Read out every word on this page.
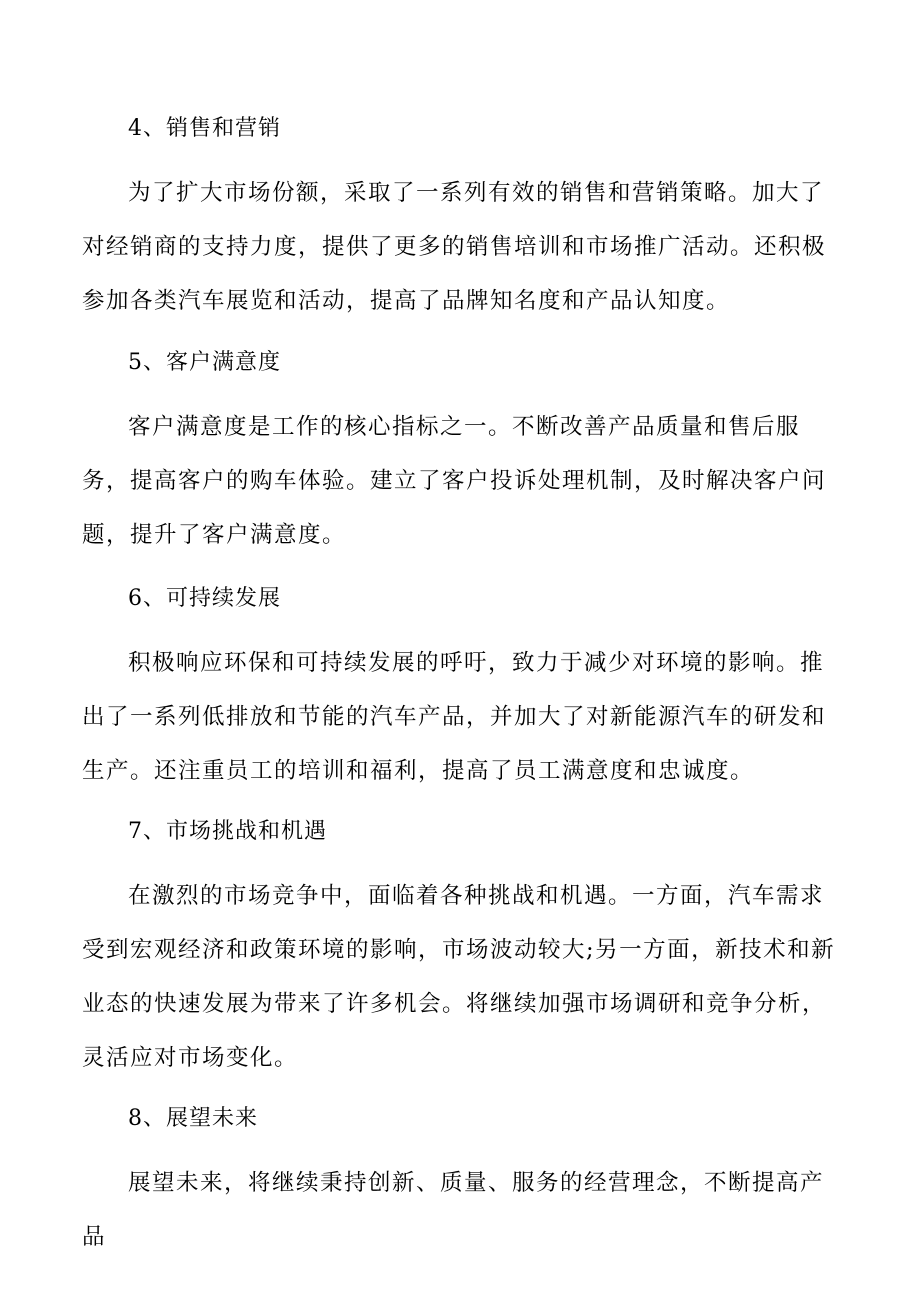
4、销售和营销

为了扩大市场份额，采取了一系列有效的销售和营销策略。加大了对经销商的支持力度，提供了更多的销售培训和市场推广活动。还积极参加各类汽车展览和活动，提高了品牌知名度和产品认知度。

5、客户满意度

客户满意度是工作的核心指标之一。不断改善产品质量和售后服务，提高客户的购车体验。建立了客户投诉处理机制，及时解决客户问题，提升了客户满意度。

6、可持续发展

积极响应环保和可持续发展的呼吁，致力于减少对环境的影响。推出了一系列低排放和节能的汽车产品，并加大了对新能源汽车的研发和生产。还注重员工的培训和福利，提高了员工满意度和忠诚度。

7、市场挑战和机遇

在激烈的市场竞争中，面临着各种挑战和机遇。一方面，汽车需求受到宏观经济和政策环境的影响，市场波动较大;另一方面，新技术和新业态的快速发展为带来了许多机会。将继续加强市场调研和竞争分析，灵活应对市场变化。

8、展望未来

展望未来，将继续秉持创新、质量、服务的经营理念，不断提高产品
